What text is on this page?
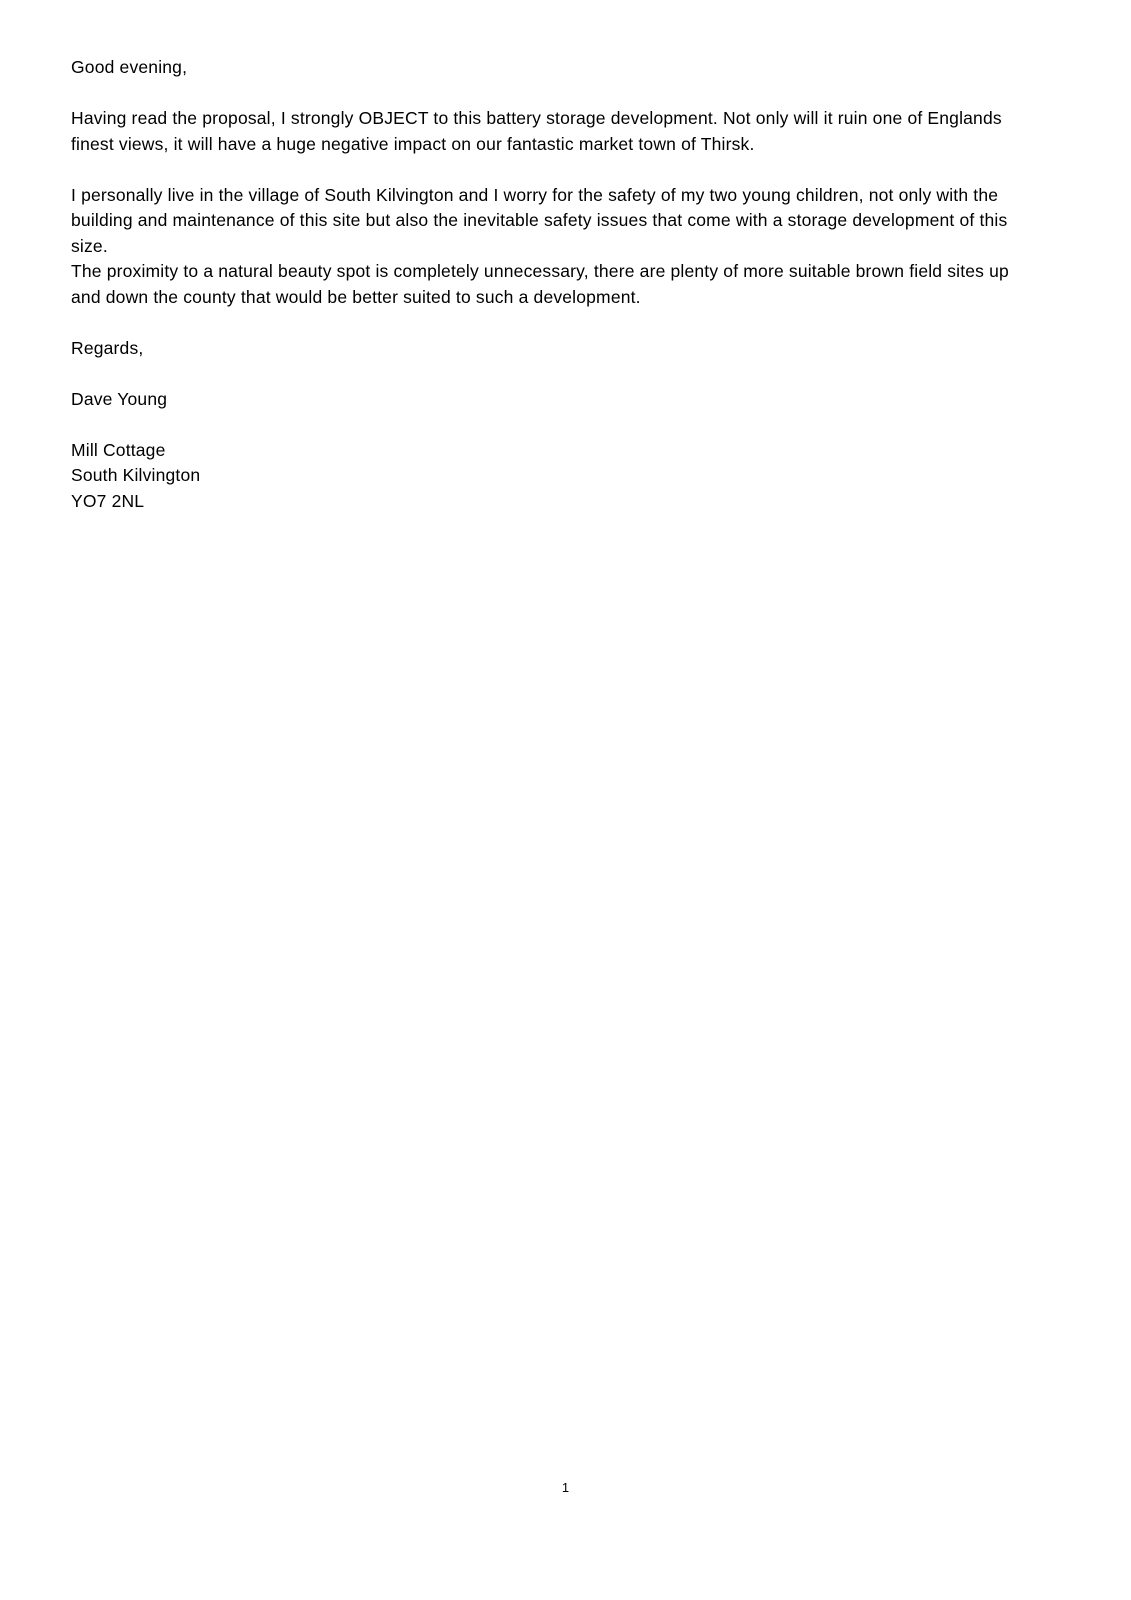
Good evening,

Having read the proposal, I strongly OBJECT to this battery storage development. Not only will it ruin one of Englands finest views, it will have a huge negative impact on our fantastic market town of Thirsk.

I personally live in the village of South Kilvington and I worry for the safety of my two young children, not only with the building and maintenance of this site but also the inevitable safety issues that come with a storage development of this size.

The proximity to a natural beauty spot is completely unnecessary, there are plenty of more suitable brown field sites up and down the county that would be better suited to such a development.

Regards,

Dave Young

Mill Cottage

South Kilvington

YO7 2NL

1
